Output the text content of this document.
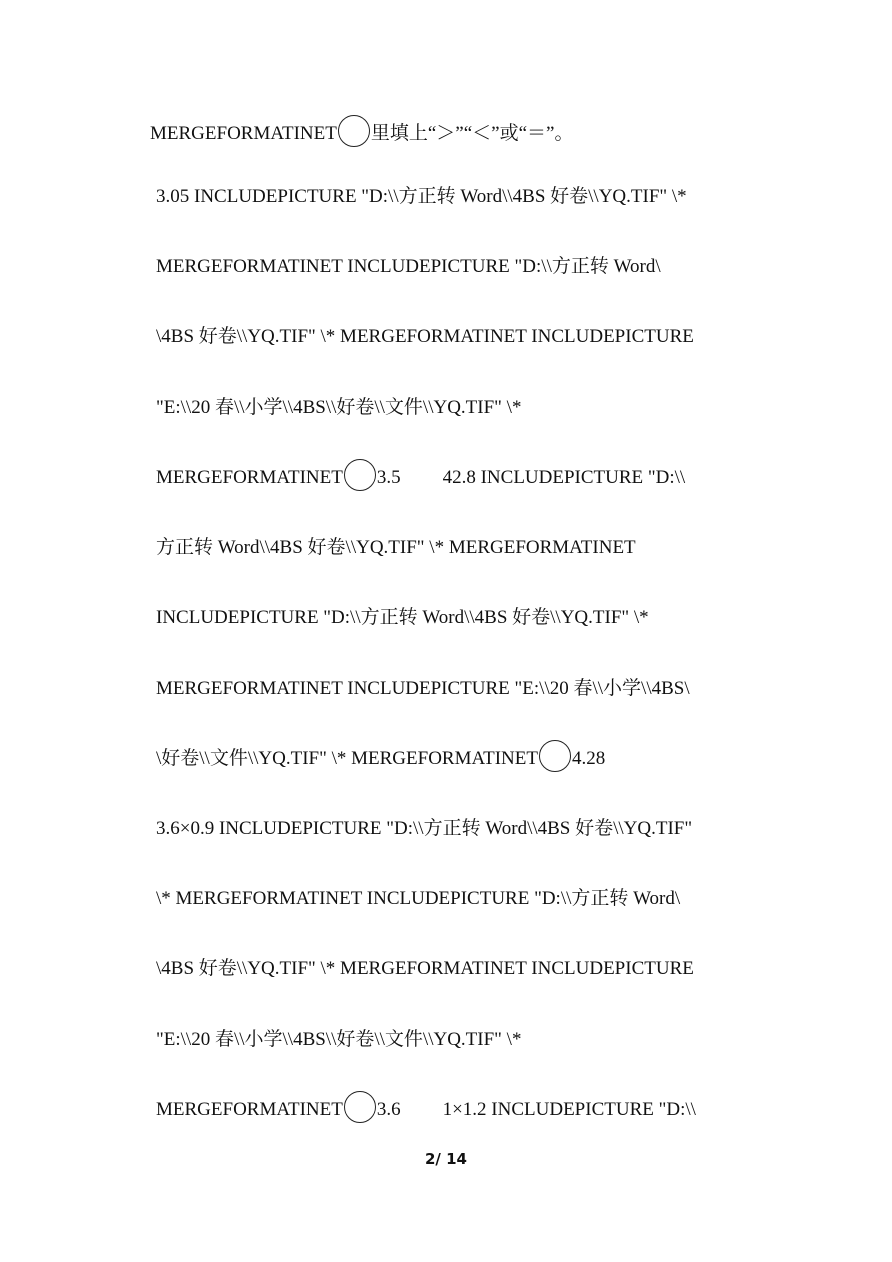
MERGEFORMATINET 里填上“＞”“＜”或“＝”。
3.05 INCLUDEPICTURE "D:\\方正转 Word\\4BS 好卷\\YQ.TIF" \*
MERGEFORMATINET INCLUDEPICTURE "D:\\方正转 Word\
\4BS 好卷\\YQ.TIF" \* MERGEFORMATINET INCLUDEPICTURE
"E:\\20 春\\小学\\4BS\\好卷\\文件\\YQ.TIF" \*
MERGEFORMATINET 3.5 42.8 INCLUDEPICTURE "D:\\
方正转 Word\\4BS 好卷\\YQ.TIF" \* MERGEFORMATINET
INCLUDEPICTURE "D:\\方正转 Word\\4BS 好卷\\YQ.TIF" \*
MERGEFORMATINET INCLUDEPICTURE "E:\\20 春\\小学\\4BS\
\好卷\\文件\\YQ.TIF" \* MERGEFORMATINET 4.28
3.6×0.9 INCLUDEPICTURE "D:\\方正转 Word\\4BS 好卷\\YQ.TIF"
\* MERGEFORMATINET INCLUDEPICTURE "D:\\方正转 Word\
\4BS 好卷\\YQ.TIF" \* MERGEFORMATINET INCLUDEPICTURE
"E:\\20 春\\小学\\4BS\\好卷\\文件\\YQ.TIF" \*
MERGEFORMATINET 3.6 1×1.2 INCLUDEPICTURE "D:\\
2/ 14
